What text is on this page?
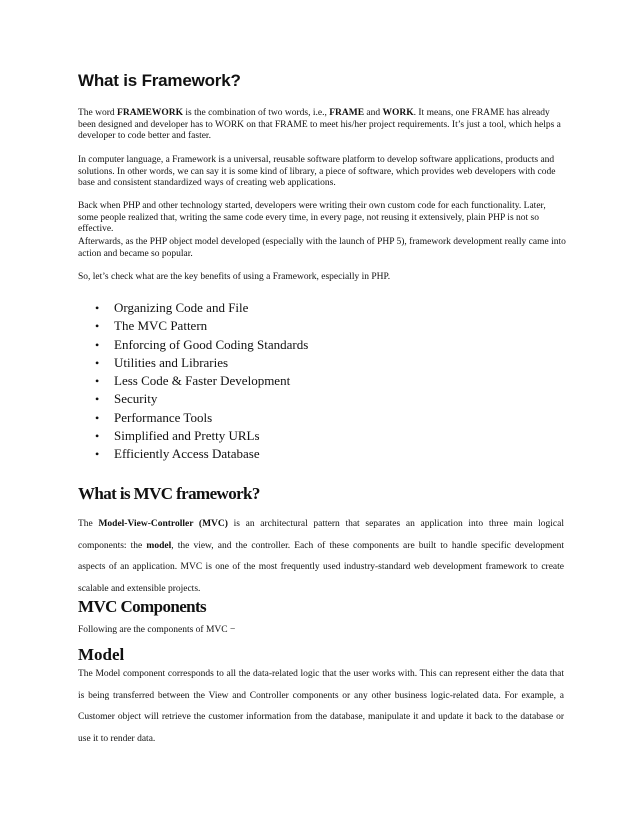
What is Framework?

The word FRAMEWORK is the combination of two words, i.e., FRAME and WORK. It means, one FRAME has already been designed and developer has to WORK on that FRAME to meet his/her project requirements. It’s just a tool, which helps a developer to code better and faster.

In computer language, a Framework is a universal, reusable software platform to develop software applications, products and solutions. In other words, we can say it is some kind of library, a piece of software, which provides web developers with code base and consistent standardized ways of creating web applications.

Back when PHP and other technology started, developers were writing their own custom code for each functionality. Later, some people realized that, writing the same code every time, in every page, not reusing it extensively, plain PHP is not so effective.

Afterwards, as the PHP object model developed (especially with the launch of PHP 5), framework development really came into action and became so popular.

So, let’s check what are the key benefits of using a Framework, especially in PHP.

• Organizing Code and File
• The MVC Pattern
• Enforcing of Good Coding Standards
• Utilities and Libraries
• Less Code & Faster Development
• Security
• Performance Tools
• Simplified and Pretty URLs
• Efficiently Access Database
What is MVC framework?

The Model-View-Controller (MVC) is an architectural pattern that separates an application into three main logical components: the model, the view, and the controller. Each of these components are built to handle specific development aspects of an application. MVC is one of the most frequently used industry-standard web development framework to create scalable and extensible projects.

MVC Components

Following are the components of MVC −

Model

The Model component corresponds to all the data-related logic that the user works with. This can represent either the data that is being transferred between the View and Controller components or any other business logic-related data. For example, a Customer object will retrieve the customer information from the database, manipulate it and update it back to the database or use it to render data.
